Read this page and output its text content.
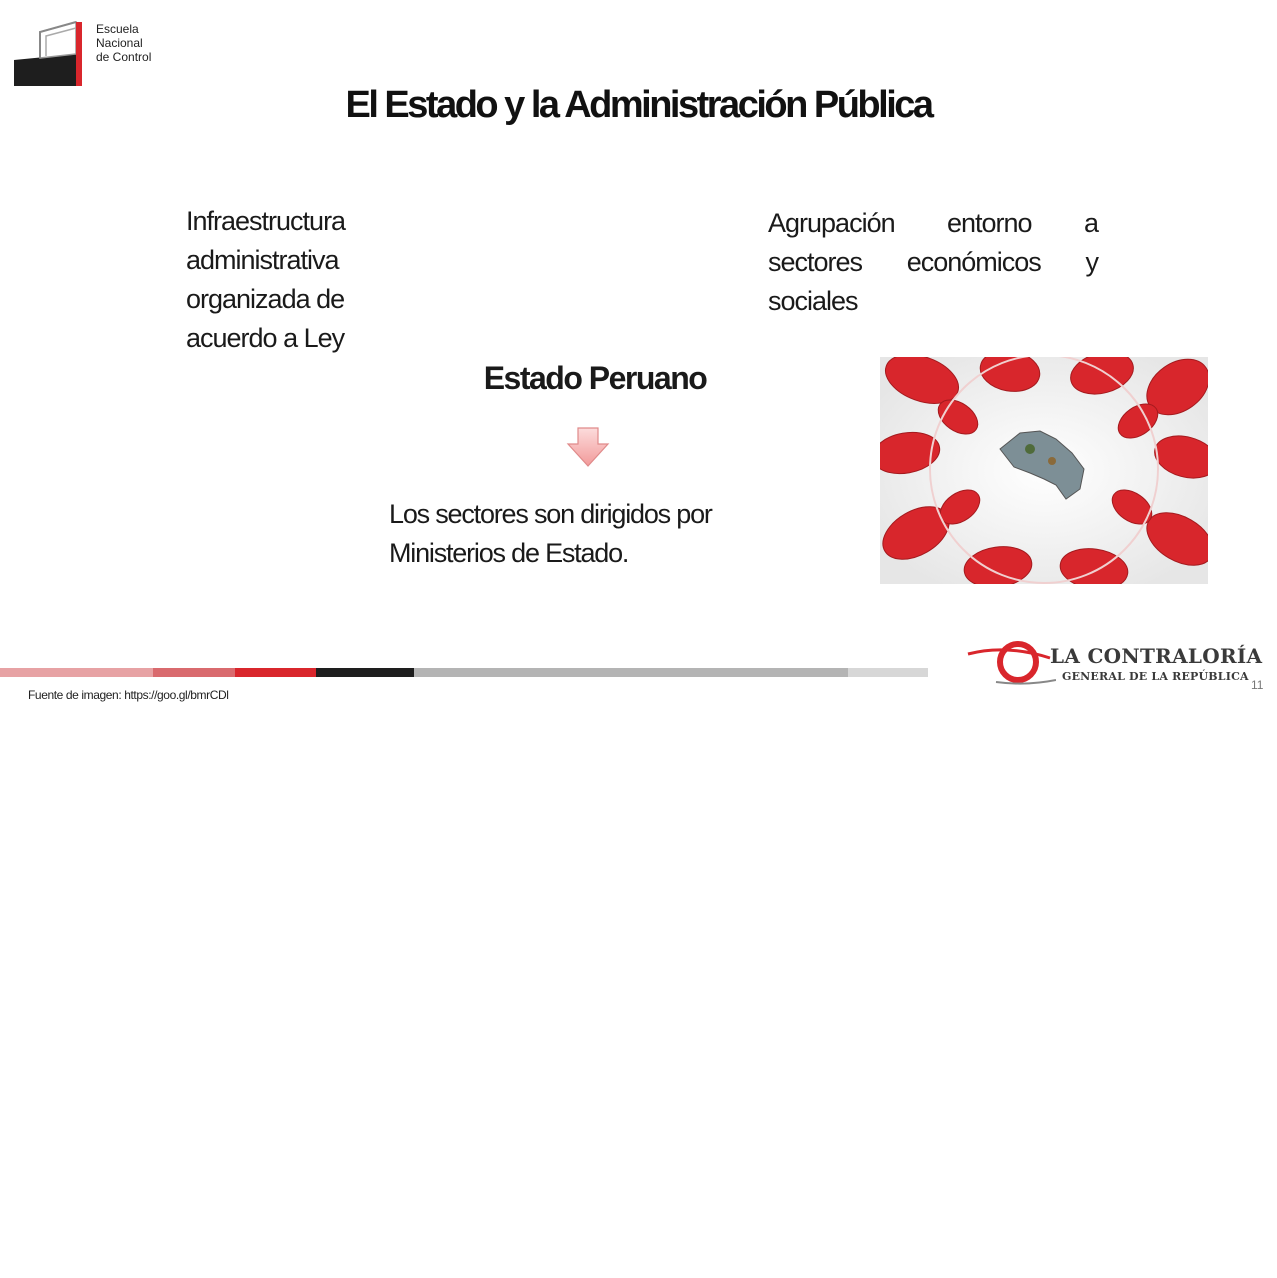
Escuela
Nacional
de Control
El Estado y la Administración Pública
Infraestructura
administrativa
organizada de
acuerdo a Ley
Agrupación entorno a sectores económicos y sociales
Estado Peruano
Los sectores son dirigidos por
Ministerios de Estado.
Fuente de imagen: https://goo.gl/bmrCDl
LA CONTRALORÍA
GENERAL DE LA REPÚBLICA
11
